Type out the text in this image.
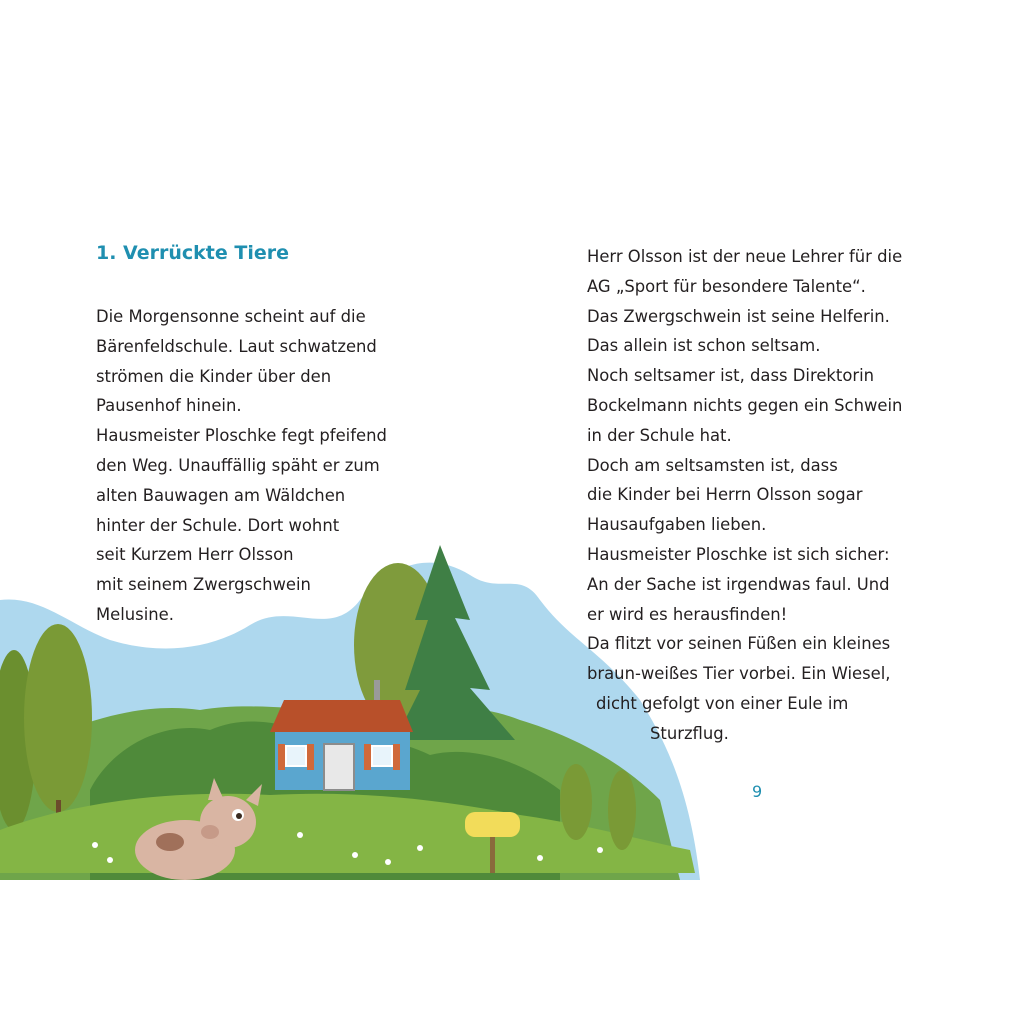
1. Verrückte Tiere
Die Morgensonne scheint auf die
Bärenfeldschule. Laut schwatzend
strömen die Kinder über den
Pausenhof hinein.
Hausmeister Ploschke fegt pfeifend
den Weg. Unauffällig späht er zum
alten Bauwagen am Wäldchen
hinter der Schule. Dort wohnt
seit Kurzem Herr Olsson
mit seinem Zwergschwein
Melusine.
Herr Olsson ist der neue Lehrer für die
AG „Sport für besondere Talente“.
Das Zwergschwein ist seine Helferin.
Das allein ist schon seltsam.
Noch seltsamer ist, dass Direktorin
Bockelmann nichts gegen ein Schwein
in der Schule hat.
Doch am seltsamsten ist, dass
die Kinder bei Herrn Olsson sogar
Hausaufgaben lieben.
Hausmeister Ploschke ist sich sicher:
An der Sache ist irgendwas faul. Und
er wird es herausfinden!
Da flitzt vor seinen Füßen ein kleines
braun-weißes Tier vorbei. Ein Wiesel,
dicht gefolgt von einer Eule im
Sturzflug.
9
